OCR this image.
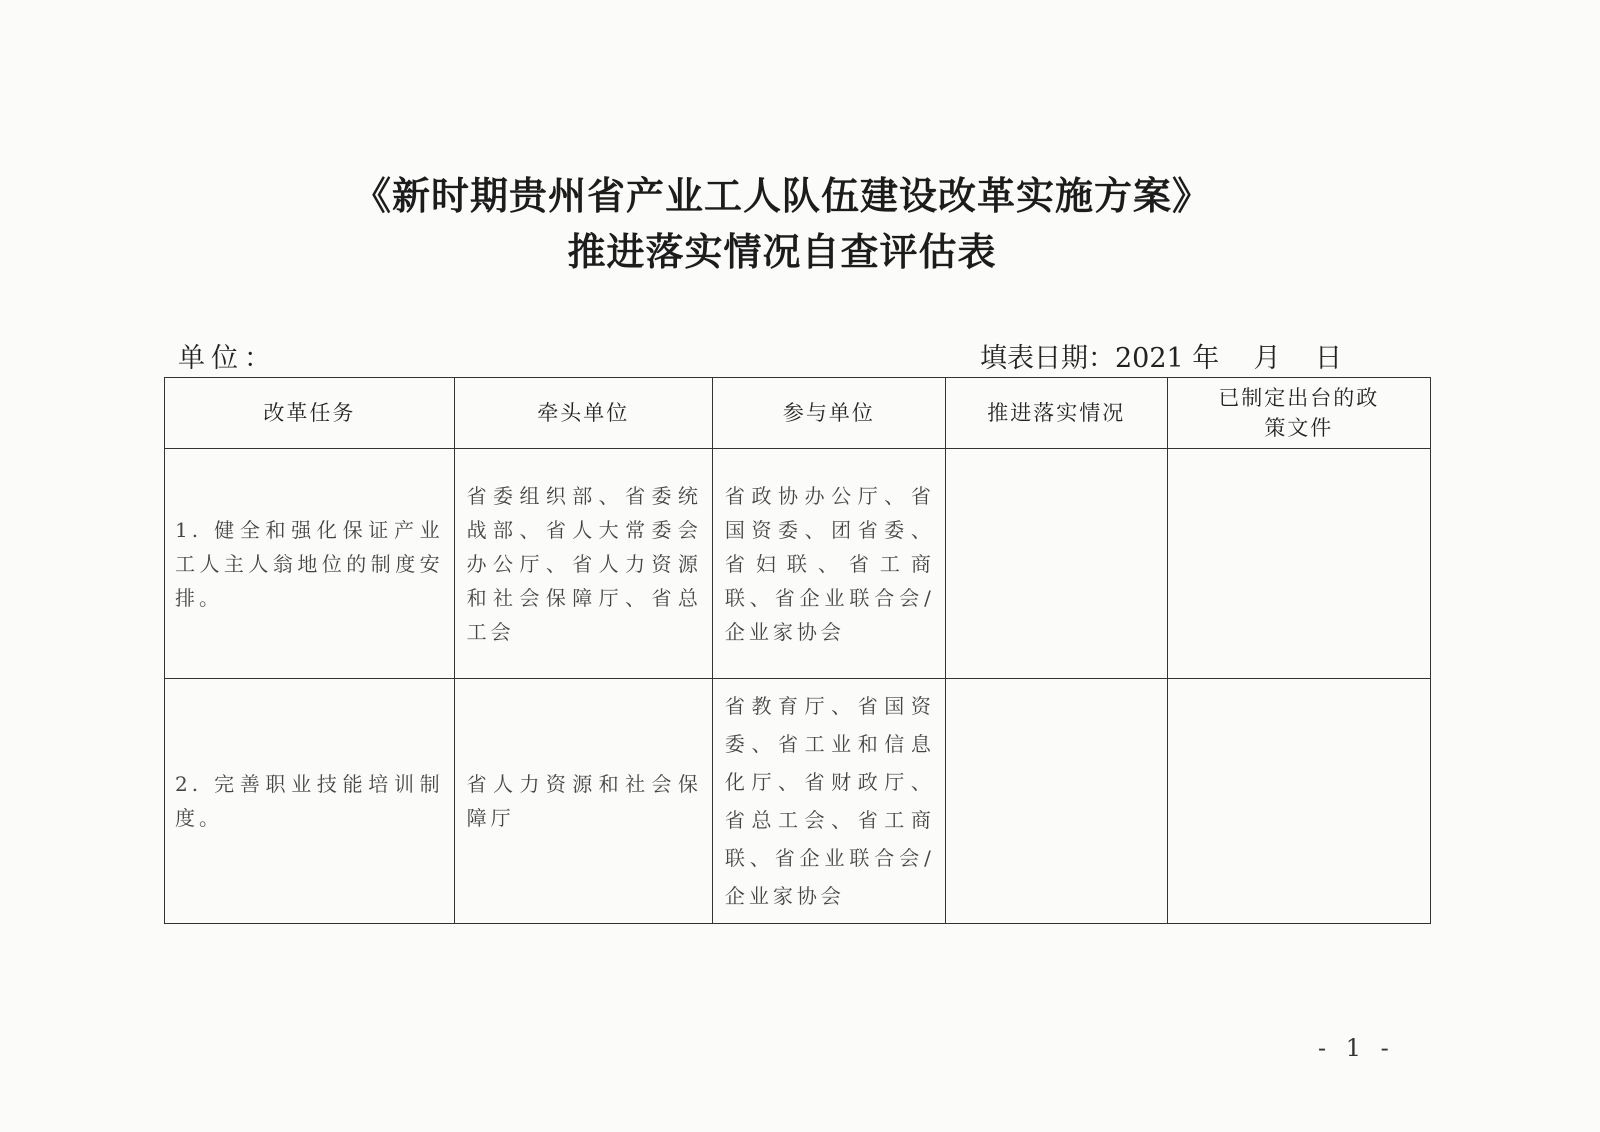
《新时期贵州省产业工人队伍建设改革实施方案》
推进落实情况自查评估表
单位：	填表日期：2021 年 月 日
改革任务	牵头单位	参与单位	推进落实情况	已制定出台的政策文件

1. 健全和强化保证产业工人主人翁地位的制度安排。	省委组织部、省委统战部、省人大常委会办公厅、省人力资源和社会保障厅、省总工会	省政协办公厅、省国资委、团省委、省妇联、省工商联、省企业联合会/企业家协会		

2. 完善职业技能培训制度。	省人力资源和社会保障厅	省教育厅、省国资委、省工业和信息化厅、省财政厅、省总工会、省工商联、省企业联合会/企业家协会		

- 1 -
